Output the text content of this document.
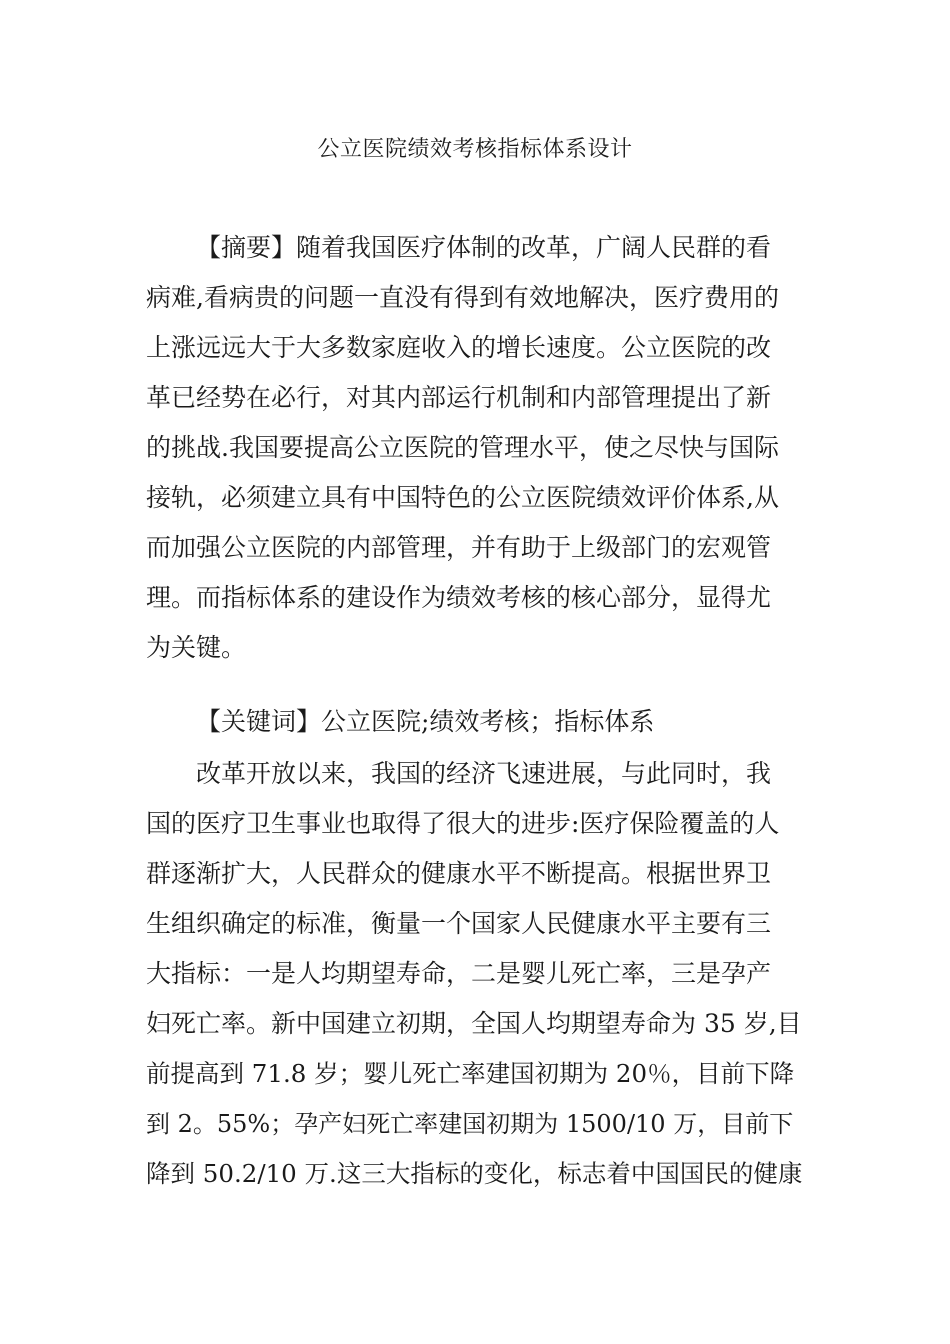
公立医院绩效考核指标体系设计
【摘要】随着我国医疗体制的改革，广阔人民群的看
病难,看病贵的问题一直没有得到有效地解决，医疗费用的
上涨远远大于大多数家庭收入的增长速度。公立医院的改
革已经势在必行，对其内部运行机制和内部管理提出了新
的挑战.我国要提高公立医院的管理水平，使之尽快与国际
接轨，必须建立具有中国特色的公立医院绩效评价体系,从
而加强公立医院的内部管理，并有助于上级部门的宏观管
理。而指标体系的建设作为绩效考核的核心部分，显得尤
为关键。
【关键词】公立医院;绩效考核；指标体系
改革开放以来，我国的经济飞速进展，与此同时，我
国的医疗卫生事业也取得了很大的进步:医疗保险覆盖的人
群逐渐扩大，人民群众的健康水平不断提高。根据世界卫
生组织确定的标准，衡量一个国家人民健康水平主要有三
大指标：一是人均期望寿命，二是婴儿死亡率，三是孕产
妇死亡率。新中国建立初期，全国人均期望寿命为 35 岁,目
前提高到 71.8 岁；婴儿死亡率建国初期为 20％，目前下降
到 2。55%；孕产妇死亡率建国初期为 1500/10 万，目前下
降到 50.2/10 万.这三大指标的变化，标志着中国国民的健康
